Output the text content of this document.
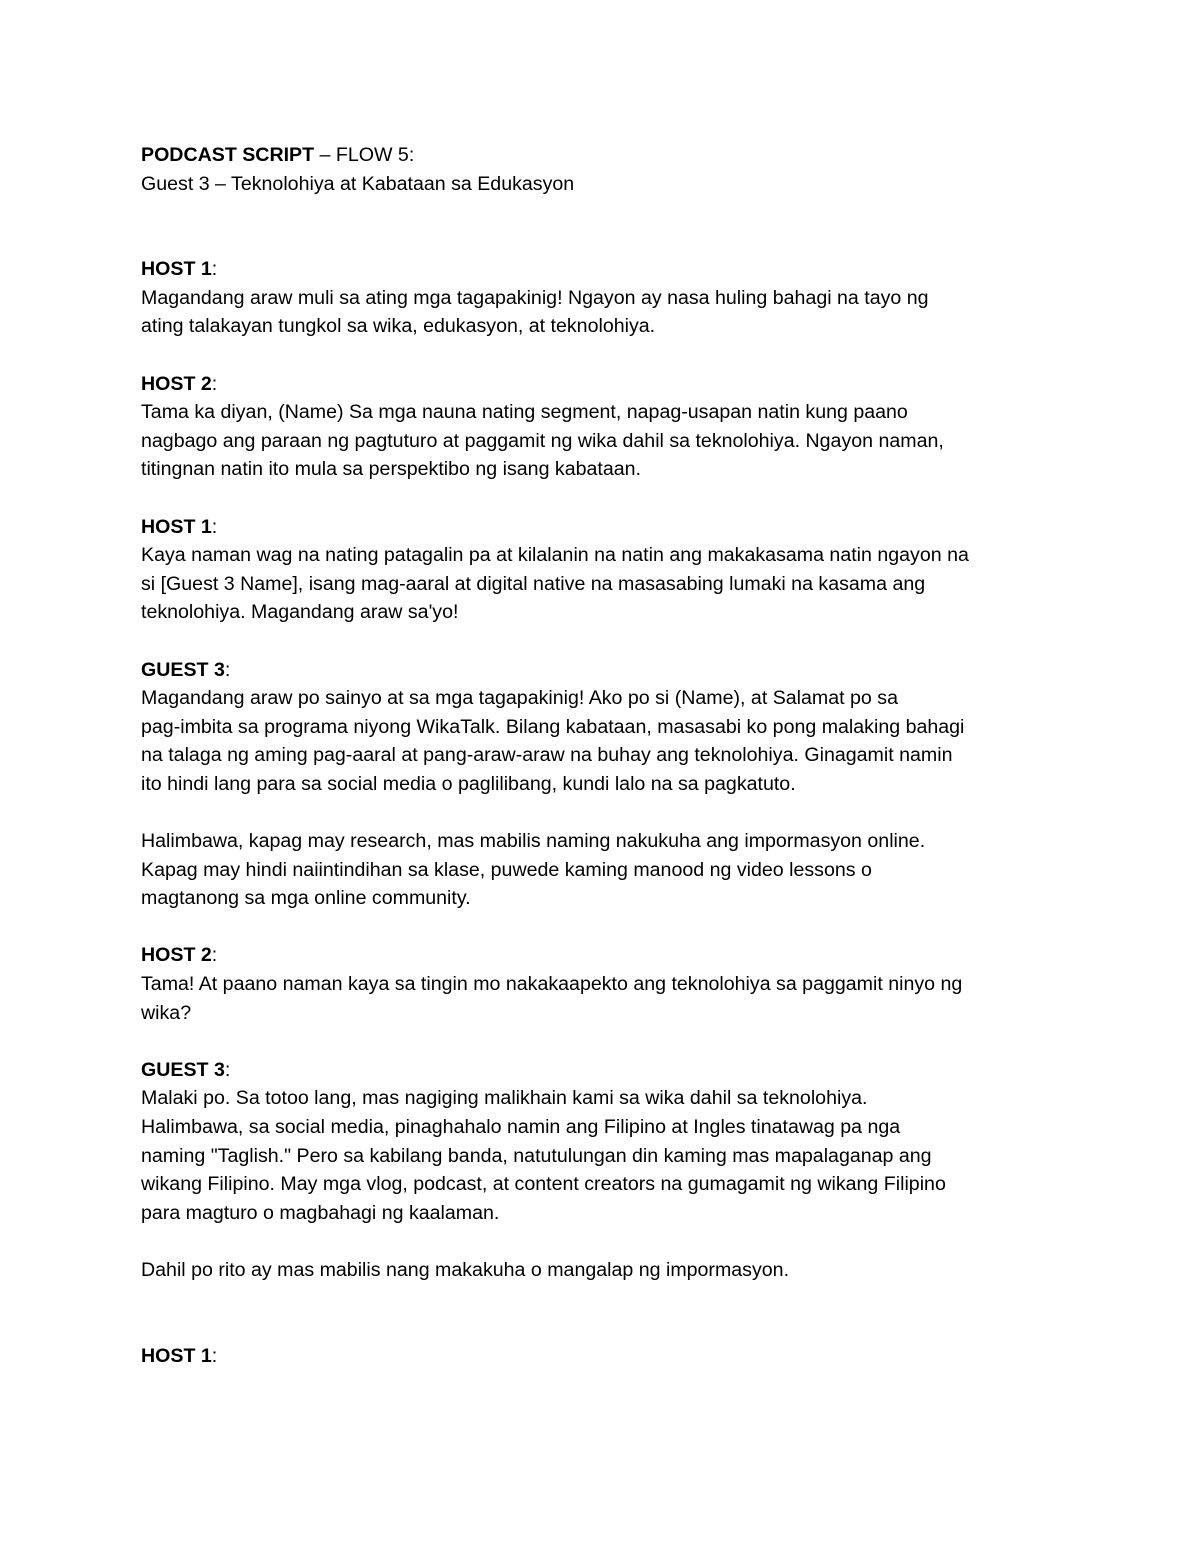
PODCAST SCRIPT – FLOW 5:

Guest 3 – Teknolohiya at Kabataan sa Edukasyon

HOST 1:

Magandang araw muli sa ating mga tagapakinig! Ngayon ay nasa huling bahagi na tayo ng

ating talakayan tungkol sa wika, edukasyon, at teknolohiya.

HOST 2:

Tama ka diyan, (Name) Sa mga nauna nating segment, napag-usapan natin kung paano

nagbago ang paraan ng pagtuturo at paggamit ng wika dahil sa teknolohiya. Ngayon naman,

titingnan natin ito mula sa perspektibo ng isang kabataan.

HOST 1:

Kaya naman wag na nating patagalin pa at kilalanin na natin ang makakasama natin ngayon na

si [Guest 3 Name], isang mag-aaral at digital native na masasabing lumaki na kasama ang

teknolohiya. Magandang araw sa'yo!

GUEST 3:

Magandang araw po sainyo at sa mga tagapakinig! Ako po si (Name), at Salamat po sa

pag-imbita sa programa niyong WikaTalk. Bilang kabataan, masasabi ko pong malaking bahagi

na talaga ng aming pag-aaral at pang-araw-araw na buhay ang teknolohiya. Ginagamit namin

ito hindi lang para sa social media o paglilibang, kundi lalo na sa pagkatuto.

Halimbawa, kapag may research, mas mabilis naming nakukuha ang impormasyon online.

Kapag may hindi naiintindihan sa klase, puwede kaming manood ng video lessons o

magtanong sa mga online community.

HOST 2:

Tama! At paano naman kaya sa tingin mo nakakaapekto ang teknolohiya sa paggamit ninyo ng

wika?

GUEST 3:

Malaki po. Sa totoo lang, mas nagiging malikhain kami sa wika dahil sa teknolohiya.

Halimbawa, sa social media, pinaghahalo namin ang Filipino at Ingles tinatawag pa nga

naming "Taglish." Pero sa kabilang banda, natutulungan din kaming mas mapalaganap ang

wikang Filipino. May mga vlog, podcast, at content creators na gumagamit ng wikang Filipino

para magturo o magbahagi ng kaalaman.

Dahil po rito ay mas mabilis nang makakuha o mangalap ng impormasyon.

HOST 1:
